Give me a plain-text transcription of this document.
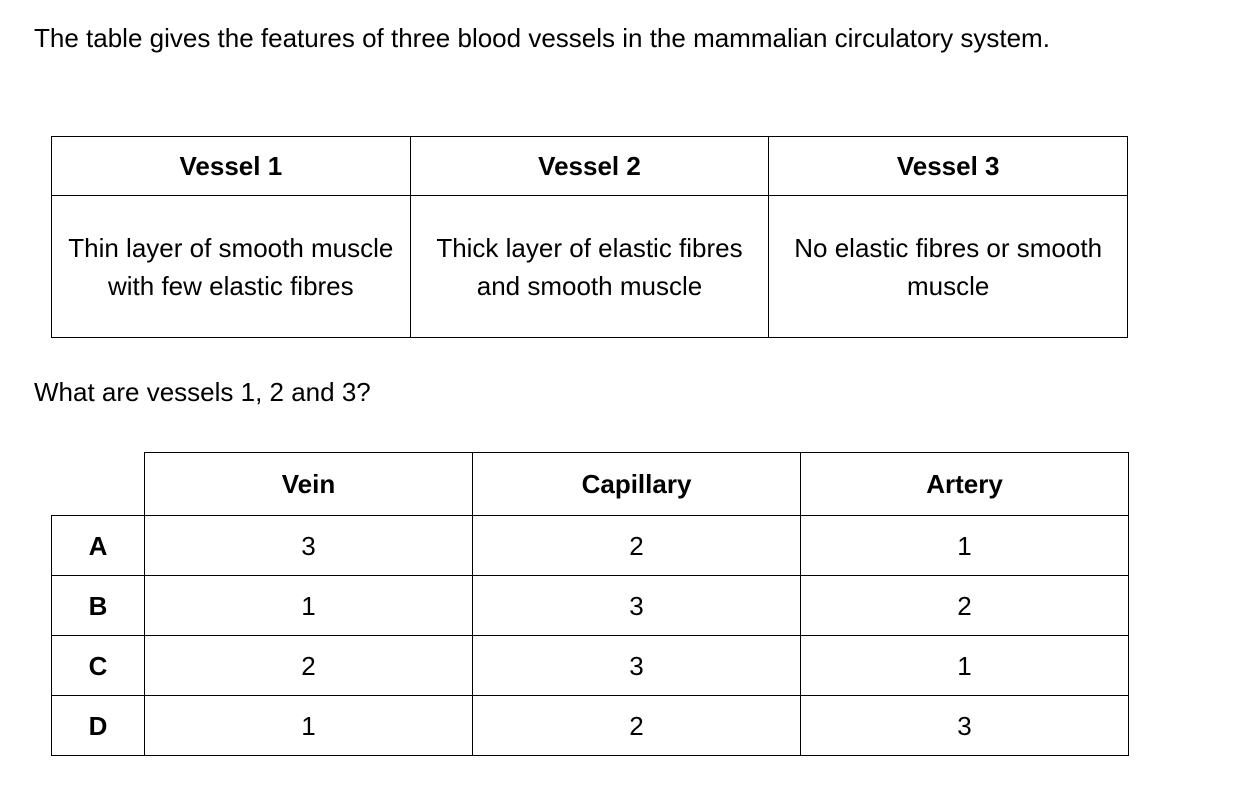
The table gives the features of three blood vessels in the mammalian circulatory system.

Vessel 1	Vessel 2	Vessel 3
Thin layer of smooth muscle with few elastic fibres	Thick layer of elastic fibres and smooth muscle	No elastic fibres or smooth muscle

What are vessels 1, 2 and 3?

	Vein	Capillary	Artery
A	3	2	1
B	1	3	2
C	2	3	1
D	1	2	3
